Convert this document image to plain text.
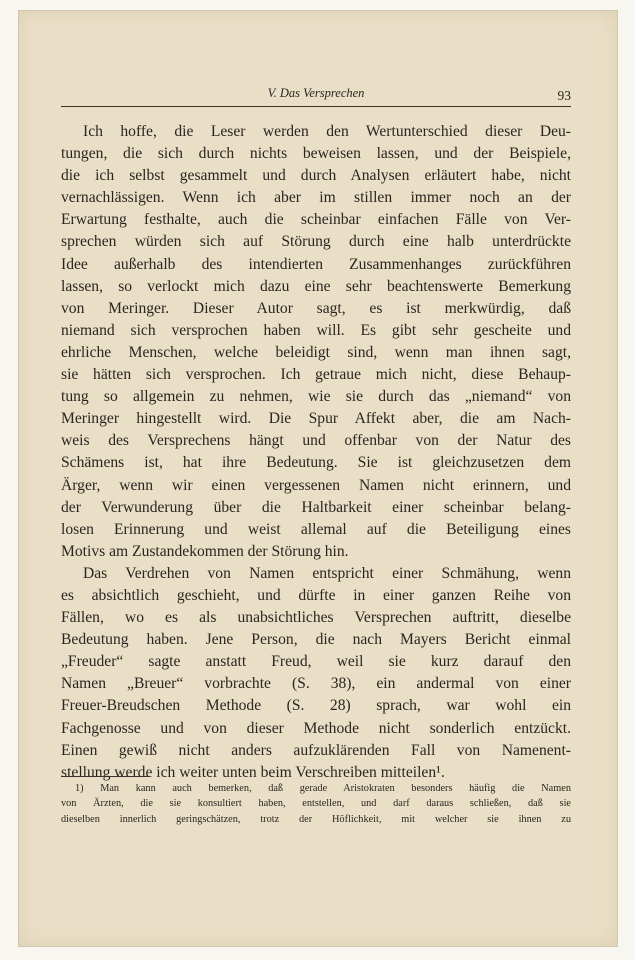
V. Das Versprechen	93
Ich hoffe, die Leser werden den Wertunterschied dieser Deu-
tungen, die sich durch nichts beweisen lassen, und der Beispiele,
die ich selbst gesammelt und durch Analysen erläutert habe, nicht
vernachlässigen. Wenn ich aber im stillen immer noch an der
Erwartung festhalte, auch die scheinbar einfachen Fälle von Ver-
sprechen würden sich auf Störung durch eine halb unterdrückte
Idee außerhalb des intendierten Zusammenhanges zurückführen
lassen, so verlockt mich dazu eine sehr beachtenswerte Bemerkung
von Meringer. Dieser Autor sagt, es ist merkwürdig, daß
niemand sich versprochen haben will. Es gibt sehr gescheite und
ehrliche Menschen, welche beleidigt sind, wenn man ihnen sagt,
sie hätten sich versprochen. Ich getraue mich nicht, diese Behaup-
tung so allgemein zu nehmen, wie sie durch das „niemand“ von
Meringer hingestellt wird. Die Spur Affekt aber, die am Nach-
weis des Versprechens hängt und offenbar von der Natur des
Schämens ist, hat ihre Bedeutung. Sie ist gleichzusetzen dem
Ärger, wenn wir einen vergessenen Namen nicht erinnern, und
der Verwunderung über die Haltbarkeit einer scheinbar belang-
losen Erinnerung und weist allemal auf die Beteiligung eines
Motivs am Zustandekommen der Störung hin.
Das Verdrehen von Namen entspricht einer Schmähung, wenn
es absichtlich geschieht, und dürfte in einer ganzen Reihe von
Fällen, wo es als unabsichtliches Versprechen auftritt, dieselbe
Bedeutung haben. Jene Person, die nach Mayers Bericht einmal
„Freuder“ sagte anstatt Freud, weil sie kurz darauf den
Namen „Breuer“ vorbrachte (S. 38), ein andermal von einer
Freuer-Breudschen Methode (S. 28) sprach, war wohl ein
Fachgenosse und von dieser Methode nicht sonderlich entzückt.
Einen gewiß nicht anders aufzuklärenden Fall von Namenent-
stellung werde ich weiter unten beim Verschreiben mitteilen¹.
1) Man kann auch bemerken, daß gerade Aristokraten besonders häufig die Namen
von Ärzten, die sie konsultiert haben, entstellen, und darf daraus schließen, daß sie
dieselben innerlich geringschätzen, trotz der Höflichkeit, mit welcher sie ihnen zu
